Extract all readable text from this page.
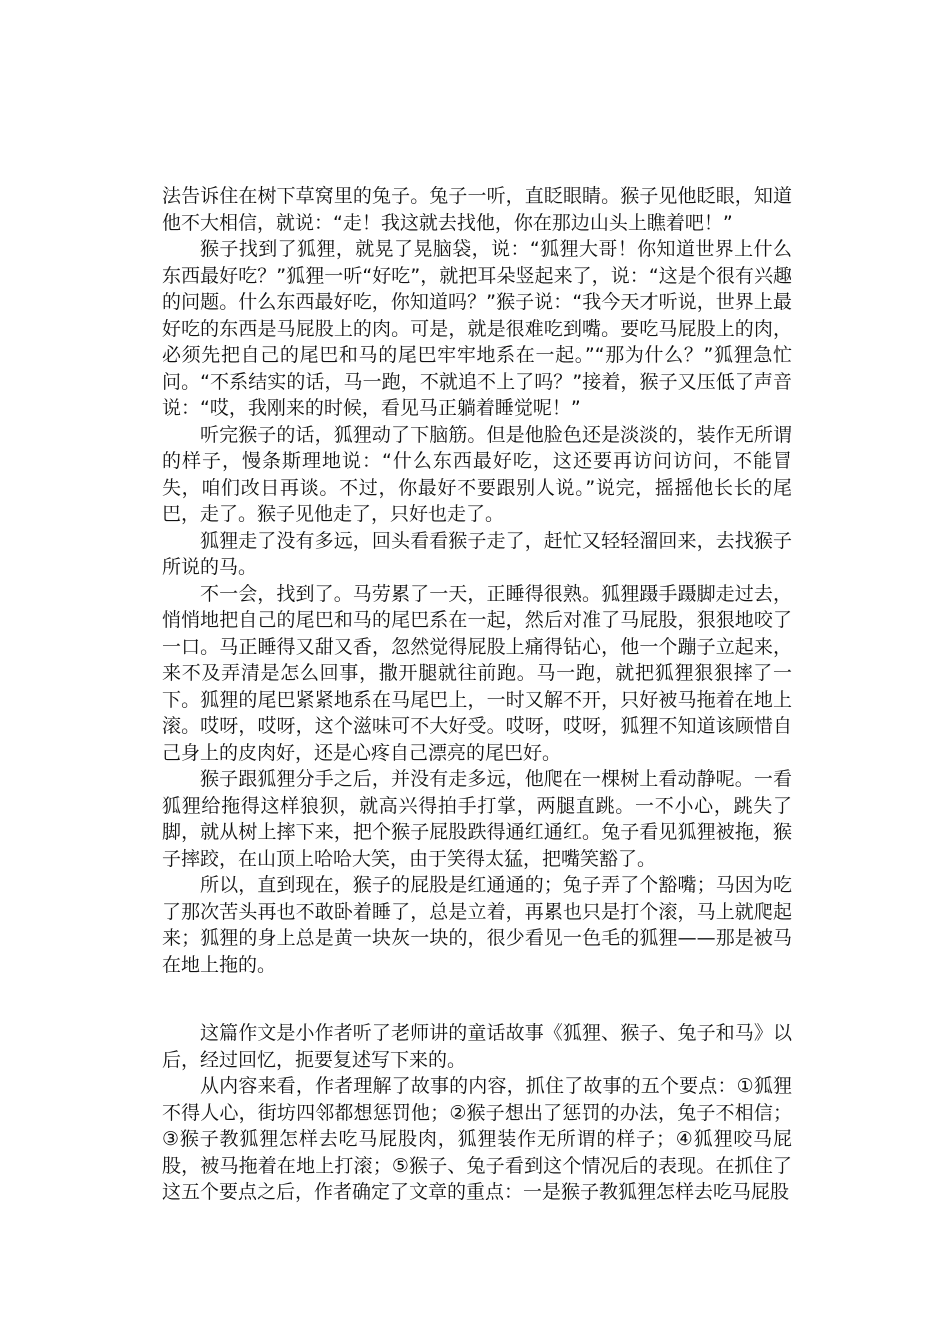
法告诉住在树下草窝里的兔子。兔子一听，直眨眼睛。猴子见他眨眼，知道他不大相信，就说：“走！我这就去找他，你在那边山头上瞧着吧！”

猴子找到了狐狸，就晃了晃脑袋，说：“狐狸大哥！你知道世界上什么东西最好吃？”狐狸一听“好吃”，就把耳朵竖起来了，说：“这是个很有兴趣的问题。什么东西最好吃，你知道吗？”猴子说：“我今天才听说，世界上最好吃的东西是马屁股上的肉。可是，就是很难吃到嘴。要吃马屁股上的肉，必须先把自己的尾巴和马的尾巴牢牢地系在一起。”“那为什么？”狐狸急忙问。“不系结实的话，马一跑，不就追不上了吗？”接着，猴子又压低了声音说：“哎，我刚来的时候，看见马正躺着睡觉呢！”

听完猴子的话，狐狸动了下脑筋。但是他脸色还是淡淡的，装作无所谓的样子，慢条斯理地说：“什么东西最好吃，这还要再访问访问，不能冒失，咱们改日再谈。不过，你最好不要跟别人说。”说完，摇摇他长长的尾巴，走了。猴子见他走了，只好也走了。

狐狸走了没有多远，回头看看猴子走了，赶忙又轻轻溜回来，去找猴子所说的马。

不一会，找到了。马劳累了一天，正睡得很熟。狐狸蹑手蹑脚走过去，悄悄地把自己的尾巴和马的尾巴系在一起，然后对准了马屁股，狠狠地咬了一口。马正睡得又甜又香，忽然觉得屁股上痛得钻心，他一个蹦子立起来，来不及弄清是怎么回事，撒开腿就往前跑。马一跑，就把狐狸狠狠摔了一下。狐狸的尾巴紧紧地系在马尾巴上，一时又解不开，只好被马拖着在地上滚。哎呀，哎呀，这个滋味可不大好受。哎呀，哎呀，狐狸不知道该顾惜自己身上的皮肉好，还是心疼自己漂亮的尾巴好。

猴子跟狐狸分手之后，并没有走多远，他爬在一棵树上看动静呢。一看狐狸给拖得这样狼狈，就高兴得拍手打掌，两腿直跳。一不小心，跳失了脚，就从树上摔下来，把个猴子屁股跌得通红通红。兔子看见狐狸被拖，猴子摔跤，在山顶上哈哈大笑，由于笑得太猛，把嘴笑豁了。

所以，直到现在，猴子的屁股是红通通的；兔子弄了个豁嘴；马因为吃了那次苦头再也不敢卧着睡了，总是立着，再累也只是打个滚，马上就爬起来；狐狸的身上总是黄一块灰一块的，很少看见一色毛的狐狸——那是被马在地上拖的。

这篇作文是小作者听了老师讲的童话故事《狐狸、猴子、兔子和马》以后，经过回忆，扼要复述写下来的。

从内容来看，作者理解了故事的内容，抓住了故事的五个要点：①狐狸不得人心，街坊四邻都想惩罚他；②猴子想出了惩罚的办法，兔子不相信；③猴子教狐狸怎样去吃马屁股肉，狐狸装作无所谓的样子；④狐狸咬马屁股，被马拖着在地上打滚；⑤猴子、兔子看到这个情况后的表现。在抓住了这五个要点之后，作者确定了文章的重点：一是猴子教狐狸怎样去吃马屁股
